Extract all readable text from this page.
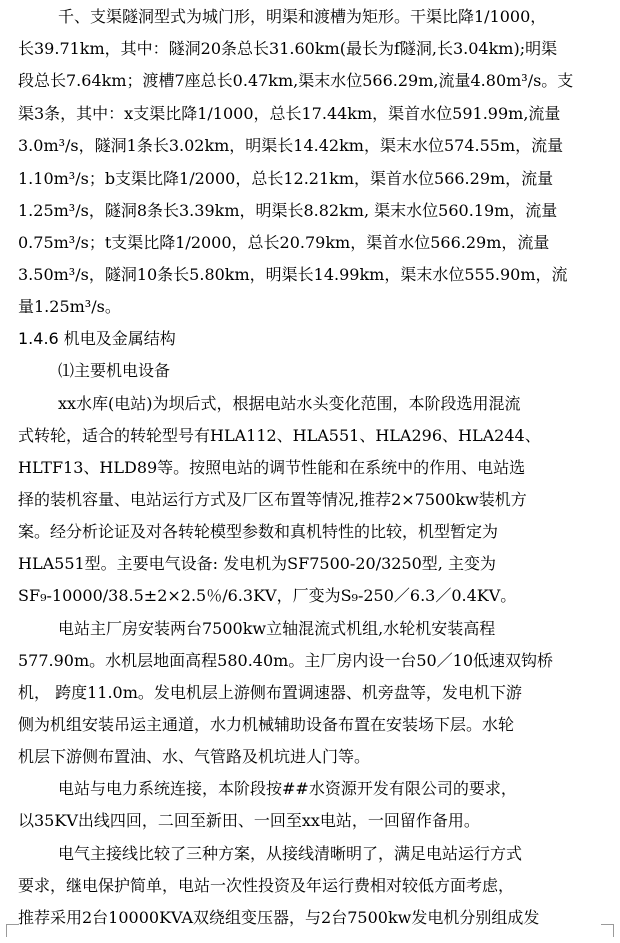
千、支渠隧洞型式为城门形，明渠和渡槽为矩形。干渠比降1/1000，
长39.71km，其中：隧洞20条总长31.60km(最长为f隧洞,长3.04km);明渠
段总长7.64km；渡槽7座总长0.47km,渠末水位566.29m,流量4.80m³/s。支
渠3条，其中：x支渠比降1/1000，总长17.44km，渠首水位591.99m,流量
3.0m³/s，隧洞1条长3.02km，明渠长14.42km，渠末水位574.55m，流量
1.10m³/s；b支渠比降1/2000，总长12.21km，渠首水位566.29m，流量
1.25m³/s，隧洞8条长3.39km，明渠长8.82km, 渠末水位560.19m，流量
0.75m³/s；t支渠比降1/2000，总长20.79km，渠首水位566.29m，流量
3.50m³/s，隧洞10条长5.80km，明渠长14.99km，渠末水位555.90m，流
量1.25m³/s。
1.4.6 机电及金属结构
⑴主要机电设备
xx水库(电站)为坝后式，根据电站水头变化范围，本阶段选用混流
式转轮，适合的转轮型号有HLA112、HLA551、HLA296、HLA244、
HLTF13、HLD89等。按照电站的调节性能和在系统中的作用、电站选
择的装机容量、电站运行方式及厂区布置等情况,推荐2×7500kw装机方
案。经分析论证及对各转轮模型参数和真机特性的比较，机型暂定为
HLA551型。主要电气设备: 发电机为SF7500-20/3250型, 主变为
SF₉-10000/38.5±2×2.5％/6.3KV，厂变为S₉-250／6.3／0.4KV。
电站主厂房安装两台7500kw立轴混流式机组,水轮机安装高程
577.90m。水机层地面高程580.40m。主厂房内设一台50／10低速双钩桥
机， 跨度11.0m。发电机层上游侧布置调速器、机旁盘等，发电机下游
侧为机组安装吊运主通道，水力机械辅助设备布置在安装场下层。水轮
机层下游侧布置油、水、气管路及机坑进人门等。
电站与电力系统连接，本阶段按##水资源开发有限公司的要求，
以35KV出线四回，二回至新田、一回至xx电站，一回留作备用。
电气主接线比较了三种方案，从接线清晰明了，满足电站运行方式
要求，继电保护简单，电站一次性投资及年运行费相对较低方面考虑，
推荐采用2台10000KVA双绕组变压器，与2台7500kw发电机分别组成发
